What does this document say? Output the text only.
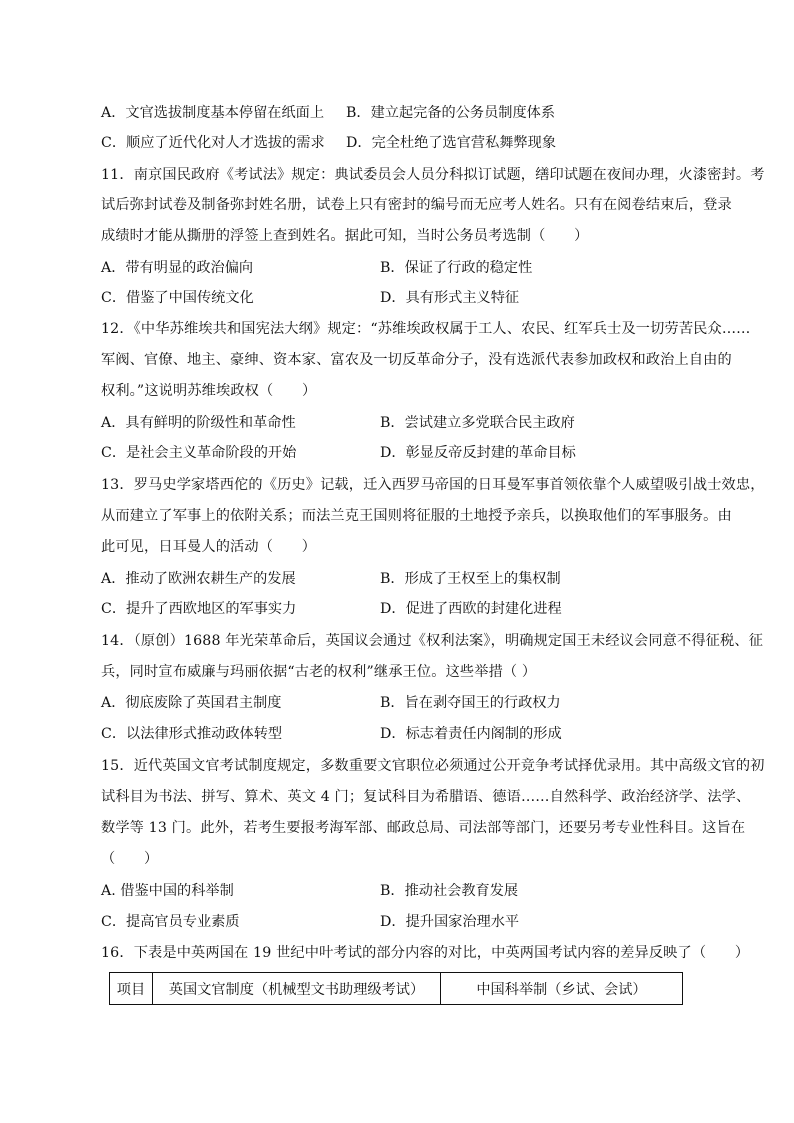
A．文官选拔制度基本停留在纸面上 B．建立起完备的公务员制度体系
C．顺应了近代化对人才选拔的需求 D．完全杜绝了选官营私舞弊现象
11．南京国民政府《考试法》规定：典试委员会人员分科拟订试题，缮印试题在夜间办理，火漆密封。考
试后弥封试卷及制备弥封姓名册，试卷上只有密封的编号而无应考人姓名。只有在阅卷结束后，登录
成绩时才能从撕册的浮签上查到姓名。据此可知，当时公务员考选制（　　）
A．带有明显的政治偏向	B．保证了行政的稳定性
C．借鉴了中国传统文化	D．具有形式主义特征
12．《中华苏维埃共和国宪法大纲》规定：“苏维埃政权属于工人、农民、红军兵士及一切劳苦民众……
军阀、官僚、地主、豪绅、资本家、富农及一切反革命分子，没有选派代表参加政权和政治上自由的
权利。”这说明苏维埃政权（　　）
A．具有鲜明的阶级性和革命性	B．尝试建立多党联合民主政府
C．是社会主义革命阶段的开始	D．彰显反帝反封建的革命目标
13．罗马史学家塔西佗的《历史》记载，迁入西罗马帝国的日耳曼军事首领依靠个人威望吸引战士效忠，
从而建立了军事上的依附关系；而法兰克王国则将征服的土地授予亲兵，以换取他们的军事服务。由
此可见，日耳曼人的活动（　　）
A．推动了欧洲农耕生产的发展	B．形成了王权至上的集权制
C．提升了西欧地区的军事实力	D．促进了西欧的封建化进程
14．（原创）1688 年光荣革命后，英国议会通过《权利法案》，明确规定国王未经议会同意不得征税、征
兵，同时宣布威廉与玛丽依据“古老的权利”继承王位。这些举措（ ）
A．彻底废除了英国君主制度	B．旨在剥夺国王的行政权力
C．以法律形式推动政体转型	D．标志着责任内阁制的形成
15．近代英国文官考试制度规定，多数重要文官职位必须通过公开竞争考试择优录用。其中高级文官的初
试科目为书法、拼写、算术、英文 4 门；复试科目为希腊语、德语……自然科学、政治经济学、法学、
数学等 13 门。此外，若考生要报考海军部、邮政总局、司法部等部门，还要另考专业性科目。这旨在
（　　）
A. 借鉴中国的科举制	B．推动社会教育发展
C．提高官员专业素质	D．提升国家治理水平
16．下表是中英两国在 19 世纪中叶考试的部分内容的对比，中英两国考试内容的差异反映了（　　）
项目	英国文官制度（机械型文书助理级考试）	中国科举制（乡试、会试）
